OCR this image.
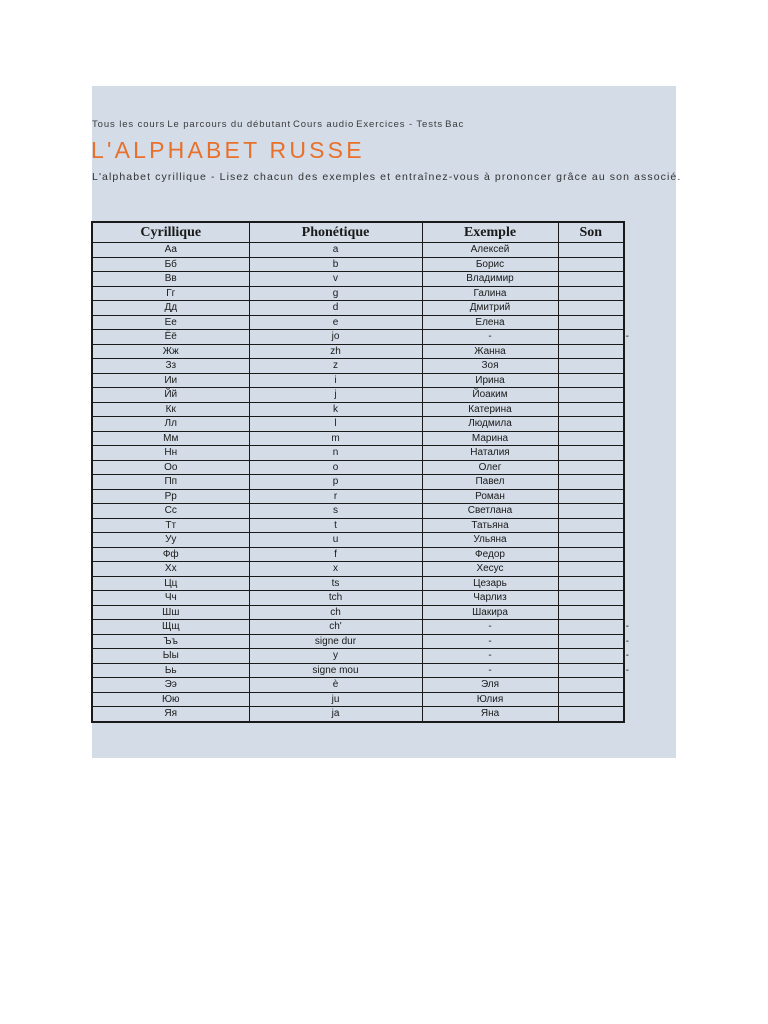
Tous les cours Le parcours du débutant Cours audio Exercices - Tests Bac
L'ALPHABET RUSSE

L'alphabet cyrillique - Lisez chacun des exemples et entraînez-vous à prononcer grâce au son associé.

Cyrillique	Phonétique	Exemple	Son
Аа	a	Алексей	
Бб	b	Борис	
Вв	v	Владимир	
Гг	g	Галина	
Дд	d	Дмитрий	
Ее	e	Елена	
Ёё	jo	-	-

Жж	zh	Жанна	
Зз	z	Зоя	
Ии	i	Ирина	
Йй	j	Йоаким	
Кк	k	Катерина	
Лл	l	Людмила	
Мм	m	Марина	
Нн	n	Наталия	
Оо	o	Олег	
Пп	p	Павел	
Рр	r	Роман	
Сс	s	Светлана	
Тт	t	Татьяна	
Уу	u	Ульяна	
Фф	f	Федор	
Хх	x	Хесус	
Цц	ts	Цезарь	
Чч	tch	Чарлиз	
Шш	ch	Шакира	
Щщ	ch'	-	-

Ъъ	signe dur	-	-

Ыы	y	-	-

Ьь	signe mou	-	-

Ээ	è	Эля	
Юю	ju	Юлия	
Яя	ja	Яна	
